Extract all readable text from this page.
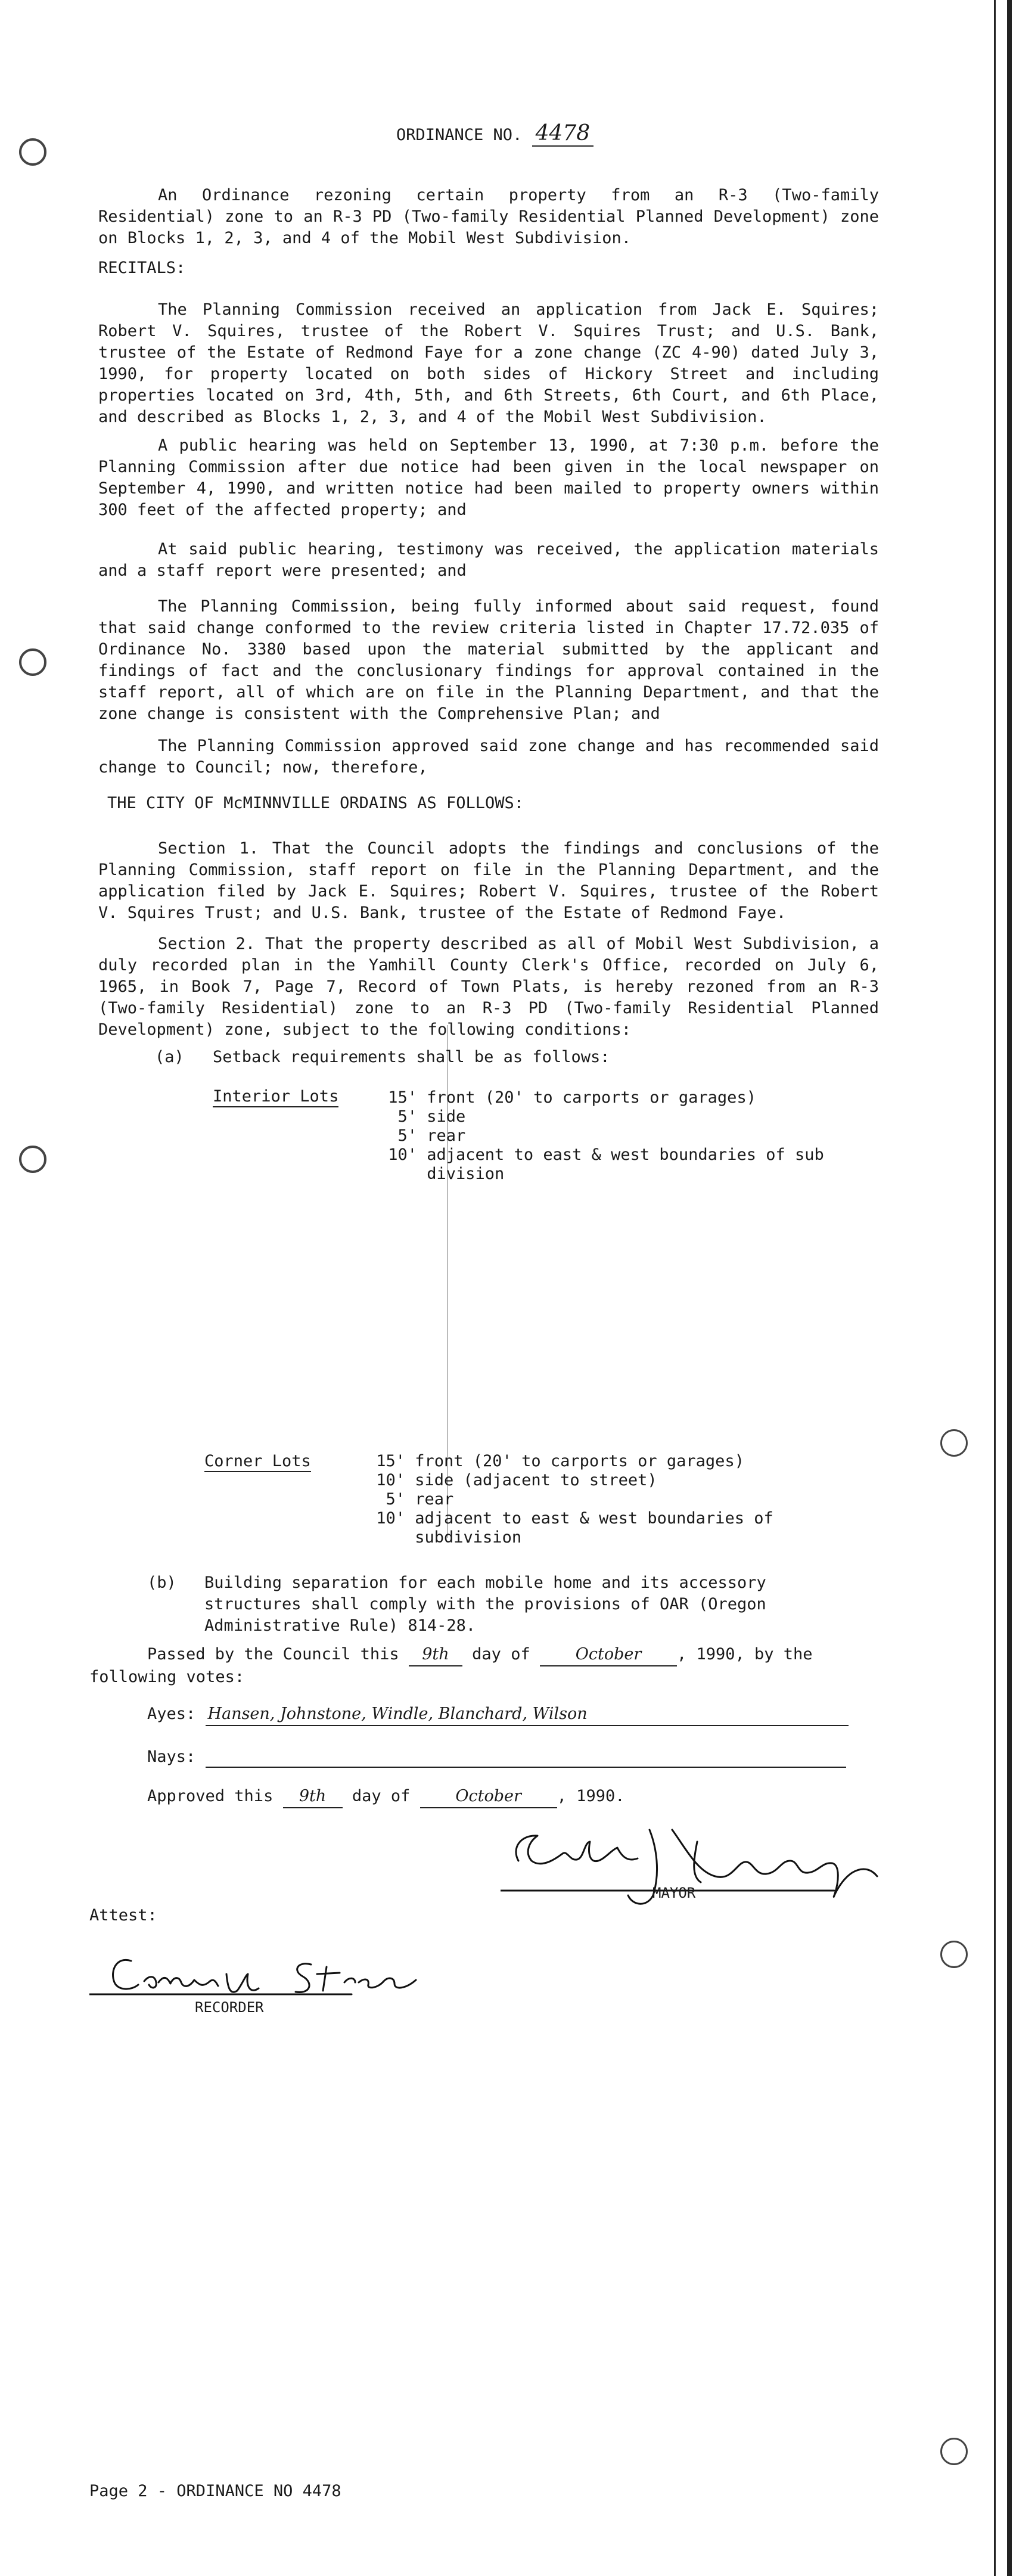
ORDINANCE NO. 4478
An Ordinance rezoning certain property from an R-3 (Two-family Residential) zone to an R-3 PD (Two-family Residential Planned Development) zone on Blocks 1, 2, 3, and 4 of the Mobil West Subdivision.
RECITALS:
The Planning Commission received an application from Jack E. Squires; Robert V. Squires, trustee of the Robert V. Squires Trust; and U.S. Bank, trustee of the Estate of Redmond Faye for a zone change (ZC 4-90) dated July 3, 1990, for property located on both sides of Hickory Street and including properties located on 3rd, 4th, 5th, and 6th Streets, 6th Court, and 6th Place, and described as Blocks 1, 2, 3, and 4 of the Mobil West Subdivision.
A public hearing was held on September 13, 1990, at 7:30 p.m. before the Planning Commission after due notice had been given in the local newspaper on September 4, 1990, and written notice had been mailed to property owners within 300 feet of the affected property; and
At said public hearing, testimony was received, the application materials and a staff report were presented; and
The Planning Commission, being fully informed about said request, found that said change conformed to the review criteria listed in Chapter 17.72.035 of Ordinance No. 3380 based upon the material submitted by the applicant and findings of fact and the conclusionary findings for approval contained in the staff report, all of which are on file in the Planning Department, and that the zone change is consistent with the Comprehensive Plan; and
The Planning Commission approved said zone change and has recommended said change to Council; now, therefore,
THE CITY OF McMINNVILLE ORDAINS AS FOLLOWS:
Section 1. That the Council adopts the findings and conclusions of the Planning Commission, staff report on file in the Planning Department, and the application filed by Jack E. Squires; Robert V. Squires, trustee of the Robert V. Squires Trust; and U.S. Bank, trustee of the Estate of Redmond Faye.
Section 2. That the property described as all of Mobil West Subdivision, a duly recorded plan in the Yamhill County Clerk's Office, recorded on July 6, 1965, in Book 7, Page 7, Record of Town Plats, is hereby rezoned from an R-3 (Two-family Residential) zone to an R-3 PD (Two-family Residential Planned Development) zone, subject to the following conditions:
(a) Setback requirements shall be as follows:
Interior Lots	15' front (20' to carports or garages)
5' side
5' rear
10' adjacent to east & west boundaries of sub
division
Corner Lots	15' front (20' to carports or garages)
10' side (adjacent to street)
5' rear
10' adjacent to east & west boundaries of
subdivision
(b) Building separation for each mobile home and its accessory structures shall comply with the provisions of OAR (Oregon Administrative Rule) 814-28.
Passed by the Council this 9th day of	October , 1990, by the
following votes:
Ayes: Hansen, Johnstone, Windle, Blanchard, Wilson
Nays:
Approved this 9th day of	October , 1990.
MAYOR
Attest:
RECORDER
Page 2 - ORDINANCE NO 4478
